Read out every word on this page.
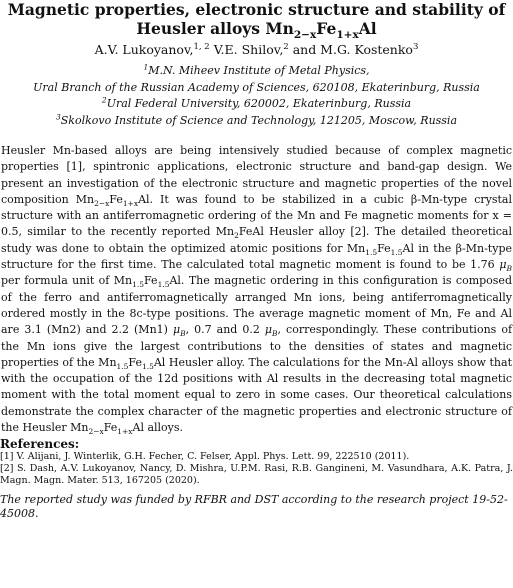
Magnetic properties, electronic structure and stability of
Heusler alloys $Mn_{2-x}Fe_{1+x}Al$
A.V. Lukoyanov,$^{1, 2}$ V.E. Shilov,$^2$ and M.G. Kostenko$^3$
$^1$M.N. Miheev Institute of Metal Physics,
Ural Branch of the Russian Academy of Sciences, 620108, Ekaterinburg, Russia
$^2$Ural Federal University, 620002, Ekaterinburg, Russia
$^3$Skolkovo Institute of Science and Technology, 121205, Moscow, Russia
Heusler Mn-based alloys are being intensively studied because of complex magnetic properties [1], spintronic applications, electronic structure and band-gap design. We present an investigation of the electronic structure and magnetic properties of the novel composition $Mn_{2-x}Fe_{1+x}Al$. It was found to be stabilized in a cubic β-Mn-type crystal structure with an antiferromagnetic ordering of the Mn and Fe magnetic moments for x = 0.5, similar to the recently reported $Mn_2FeAl$ Heusler alloy [2]. The detailed theoretical study was done to obtain the optimized atomic positions for $Mn_{1.5}Fe_{1.5}Al$ in the β-Mn-type structure for the first time. The calculated total magnetic moment is found to be 1.76 $\mu_B$ per formula unit of $Mn_{1.5}Fe_{1.5}Al$. The magnetic ordering in this configuration is composed of the ferro and antiferromagnetically arranged Mn ions, being antiferromagnetically ordered mostly in the 8c-type positions. The average magnetic moment of Mn, Fe and Al are 3.1 (Mn2) and 2.2 (Mn1) $\mu_B$, 0.7 and 0.2 $\mu_B$, correspondingly. These contributions of the Mn ions give the largest contributions to the densities of states and magnetic properties of the $Mn_{1.5}Fe_{1.5}Al$ Heusler alloy. The calculations for the Mn-Al alloys show that with the occupation of the 12d positions with Al results in the decreasing total magnetic moment with the total moment equal to zero in some cases. Our theoretical calculations demonstrate the complex character of the magnetic properties and electronic structure of the Heusler $Mn_{2-x}Fe_{1+x}Al$ alloys.
References:
[1] V. Alijani, J. Winterlik, G.H. Fecher, C. Felser, Appl. Phys. Lett. 99, 222510 (2011).
[2] S. Dash, A.V. Lukoyanov, Nancy, D. Mishra, U.P.M. Rasi, R.B. Gangineni, M. Vasundhara, A.K. Patra, J. Magn. Magn. Mater. 513, 167205 (2020).
The reported study was funded by RFBR and DST according to the research project 19-52-45008.
